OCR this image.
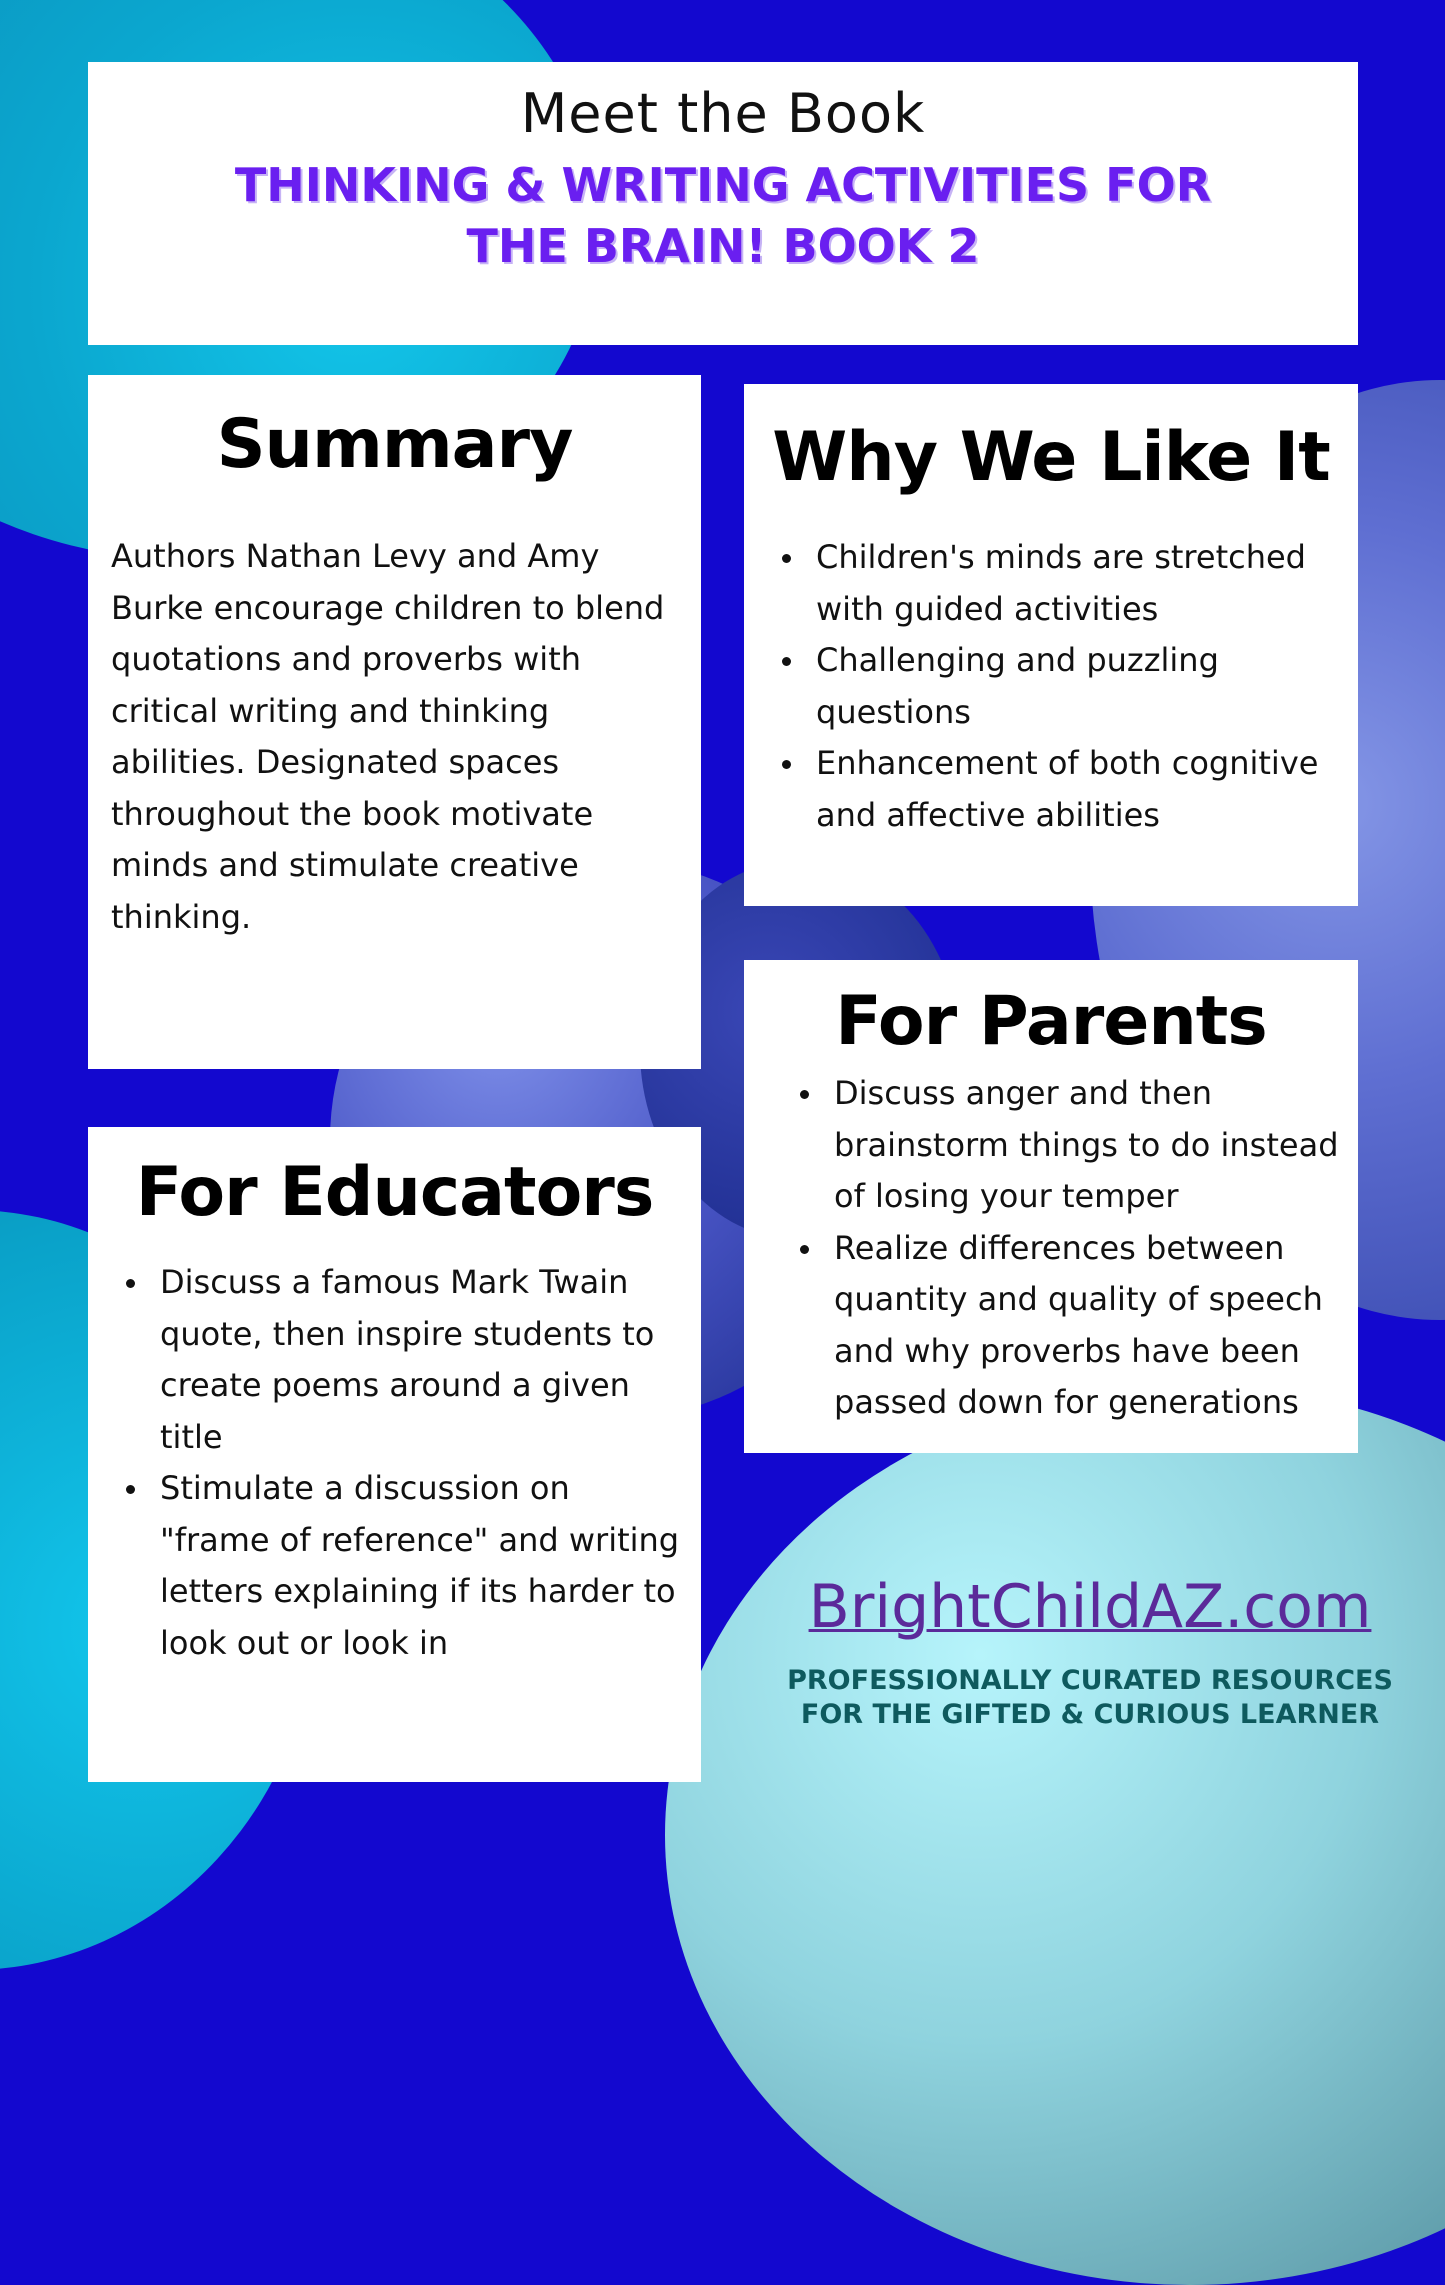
Meet the Book
THINKING & WRITING ACTIVITIES FOR THE BRAIN! BOOK 2
Summary

Authors Nathan Levy and Amy Burke encourage children to blend quotations and proverbs with critical writing and thinking abilities. Designated spaces throughout the book motivate minds and stimulate creative thinking.

Why We Like It
Children's minds are stretched with guided activities
Challenging and puzzling questions
Enhancement of both cognitive and affective abilities
For Parents
Discuss anger and then brainstorm things to do instead of losing your temper
Realize differences between quantity and quality of speech and why proverbs have been passed down for generations
For Educators
Discuss a famous Mark Twain quote, then inspire students to create poems around a given title
Stimulate a discussion on "frame of reference" and writing letters explaining if its harder to look out or look in
BrightChildAZ.com
PROFESSIONALLY CURATED RESOURCES
FOR THE GIFTED & CURIOUS LEARNER
